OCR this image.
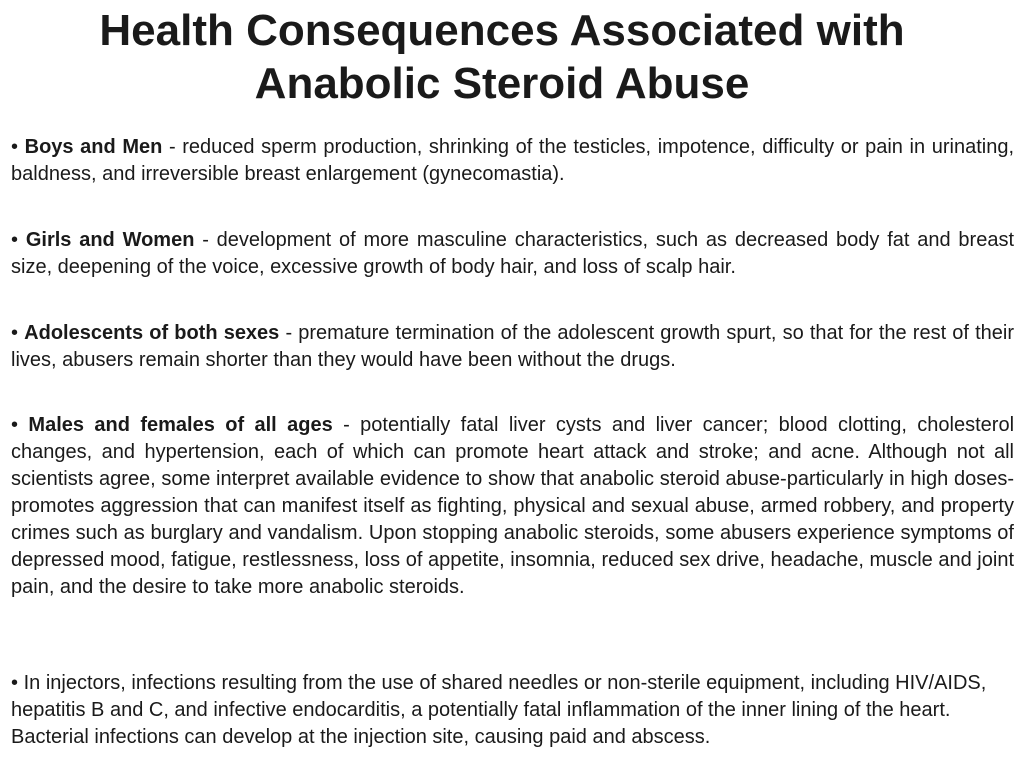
Health Consequences Associated with
Anabolic Steroid Abuse

• Boys and Men - reduced sperm production, shrinking of the testicles, impotence, difficulty or pain in urinating, baldness, and irreversible breast enlargement (gynecomastia).

• Girls and Women - development of more masculine characteristics, such as decreased body fat and breast size, deepening of the voice, excessive growth of body hair, and loss of scalp hair.

• Adolescents of both sexes - premature termination of the adolescent growth spurt, so that for the rest of their lives, abusers remain shorter than they would have been without the drugs.

• Males and females of all ages - potentially fatal liver cysts and liver cancer; blood clotting, cholesterol changes, and hypertension, each of which can promote heart attack and stroke; and acne. Although not all scientists agree, some interpret available evidence to show that anabolic steroid abuse-particularly in high doses-promotes aggression that can manifest itself as fighting, physical and sexual abuse, armed robbery, and property crimes such as burglary and vandalism. Upon stopping anabolic steroids, some abusers experience symptoms of depressed mood, fatigue, restlessness, loss of appetite, insomnia, reduced sex drive, headache, muscle and joint pain, and the desire to take more anabolic steroids.

• In injectors, infections resulting from the use of shared needles or non-sterile equipment, including HIV/AIDS, hepatitis B and C, and infective endocarditis, a potentially fatal inflammation of the inner lining of the heart. Bacterial infections can develop at the injection site, causing paid and abscess.
